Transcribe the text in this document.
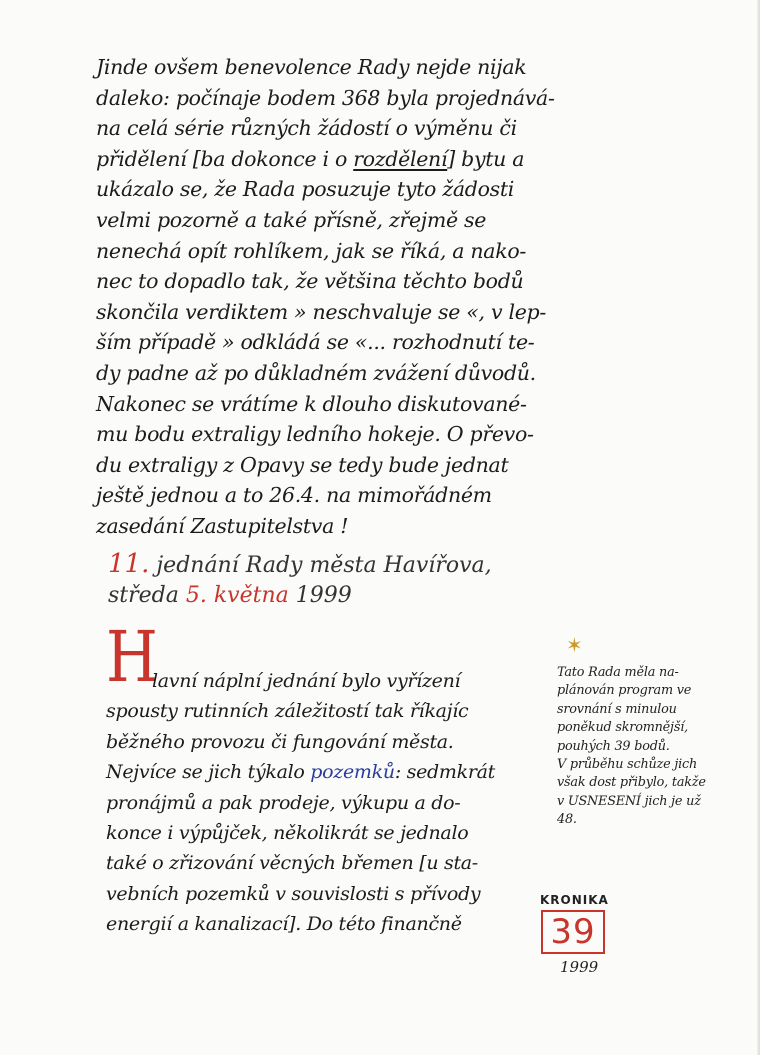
Jinde ovšem benevolence Rady nejde nijak
daleko: počínaje bodem 368 byla projednává-
na celá série různých žádostí o výměnu či
přidělení [ba dokonce i o rozdělení] bytu a
ukázalo se, že Rada posuzuje tyto žádosti
velmi pozorně a také přísně, zřejmě se
nenechá opít rohlíkem, jak se říká, a nako-
nec to dopadlo tak, že většina těchto bodů
skončila verdiktem » neschvaluje se «, v lep-
ším případě » odkládá se «... rozhodnutí te-
dy padne až po důkladném zvážení důvodů.
Nakonec se vrátíme k dlouho diskutované-
mu bodu extraligy ledního hokeje. O převo-
du extraligy z Opavy se tedy bude jednat
ještě jednou a to 26.4. na mimořádném
zasedání Zastupitelstva !
11. jednání Rady města Havířova,
středa 5. května 1999
H
lavní náplní jednání bylo vyřízení
spousty rutinních záležitostí tak říkajíc
běžného provozu či fungování města.
Nejvíce se jich týkalo pozemků: sedmkrát
pronájmů a pak prodeje, výkupu a do-
konce i výpůjček, několikrát se jednalo
také o zřizování věcných břemen [u sta-
vebních pozemků v souvislosti s přívody
energií a kanalizací]. Do této finančně
✶
Tato Rada měla na-
plánován program ve
srovnání s minulou
poněkud skromnější,
pouhých 39 bodů.
V průběhu schůze jich
však dost přibylo, takže
v USNESENÍ jich je už
48.
KRONIKA
39
1999
